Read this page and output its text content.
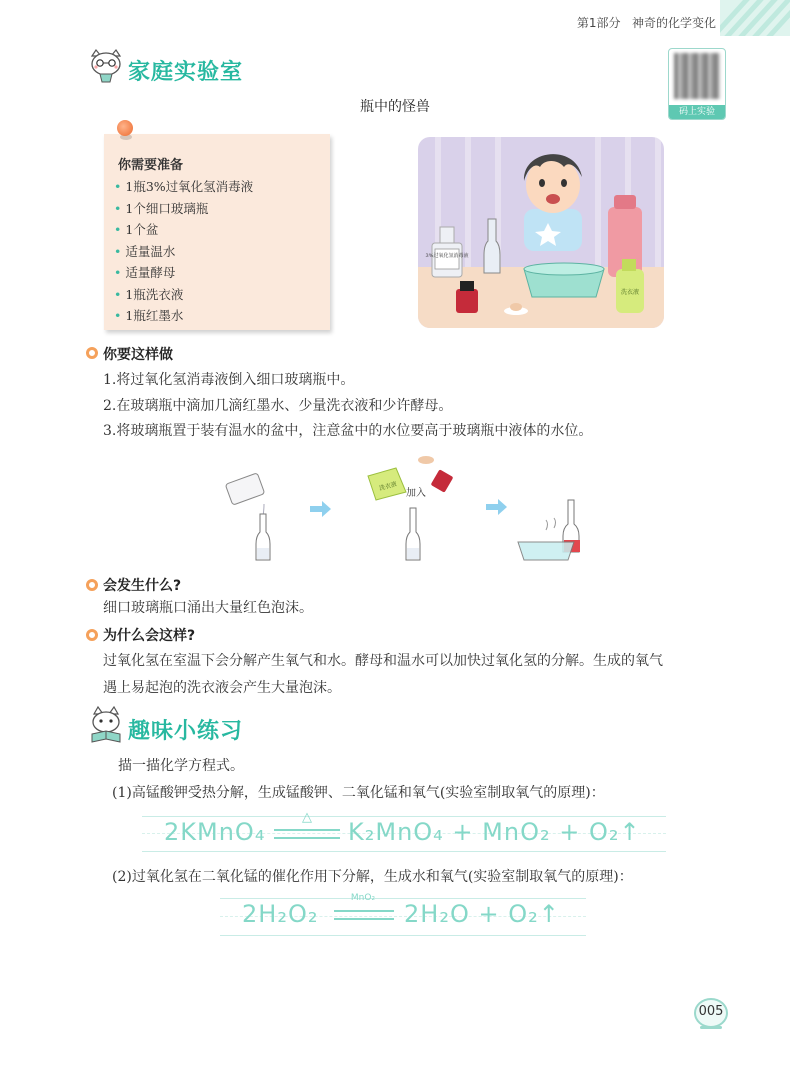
第1部分 神奇的化学变化
码上实验
家庭实验室
瓶中的怪兽
你需要准备
• 1瓶3%过氧化氢消毒液
• 1个细口玻璃瓶
• 1个盆
• 适量温水
• 适量酵母
• 1瓶洗衣液
• 1瓶红墨水
3%过氧化氢消毒液
洗衣液
你要这样做
1.将过氧化氢消毒液倒入细口玻璃瓶中。
2.在玻璃瓶中滴加几滴红墨水、少量洗衣液和少许酵母。
3.将玻璃瓶置于装有温水的盆中，注意盆中的水位要高于玻璃瓶中液体的水位。
洗衣液
加入
会发生什么?
细口玻璃瓶口涌出大量红色泡沫。
为什么会这样?
过氧化氢在室温下会分解产生氧气和水。酵母和温水可以加快过氧化氢的分解。生成的氧气
遇上易起泡的洗衣液会产生大量泡沫。
趣味小练习
描一描化学方程式。
(1)高锰酸钾受热分解，生成锰酸钾、二氧化锰和氧气(实验室制取氧气的原理)：
2KMnO₄
△
K₂MnO₄ + MnO₂ + O₂↑
(2)过氧化氢在二氧化锰的催化作用下分解，生成水和氧气(实验室制取氧气的原理)：
2H₂O₂
MnO₂
2H₂O + O₂↑
005
